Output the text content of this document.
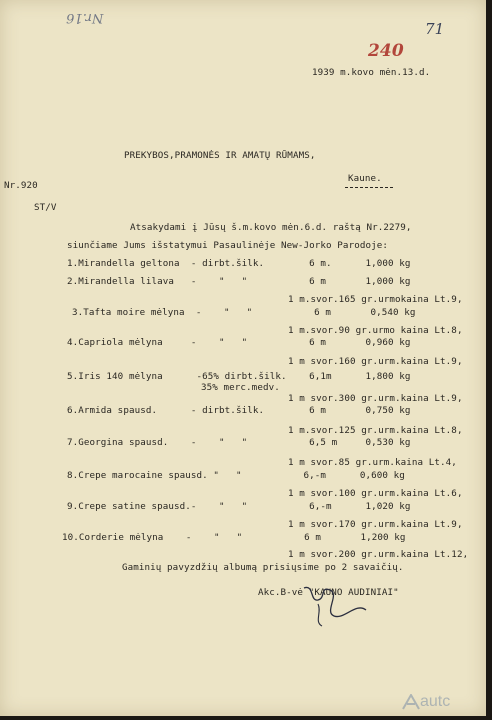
Nr.16
71
240
1939 m.kovo mėn.13.d.
PREKYBOS,PRAMONĖS IR AMATŲ RŪMAMS,
Kaune.
Nr.920
ST/V
Atsakydami į Jūsų š.m.kovo mėn.6.d. raštą Nr.2279,
siunčiame Jums išstatymui Pasaulinėje New-Jorko Parodoje:
1.Mirandella geltona  - dirbt.šilk.        6 m.      1,000 kg
2.Mirandella lilava   -    "   "           6 m       1,000 kg
1 m.svor.165 gr.urmokaina Lt.9,
3.Tafta moire mėlyna  -    "   "           6 m       0,540 kg
1 m.svor.90 gr.urmo kaina Lt.8,
4.Capriola mėlyna     -    "   "           6 m       0,960 kg
1 m svor.160 gr.urm.kaina Lt.9,
5.Iris 140 mėlyna      -65% dirbt.šilk.    6,1m      1,800 kg
35% merc.medv.
1 m svor.300 gr.urm.kaina Lt.9,
6.Armida spausd.      - dirbt.šilk.        6 m       0,750 kg
1 m.svor.125 gr.urm.kaina Lt.8,
7.Georgina spausd.    -    "   "           6,5 m     0,530 kg
1 m svor.85 gr.urm.kaina Lt.4,
8.Crepe marocaine spausd. "   "           6,-m      0,600 kg
1 m svor.100 gr.urm.kaina Lt.6,
9.Crepe satine spausd.-    "   "           6,-m      1,020 kg
1 m svor.170 gr.urm.kaina Lt.9,
10.Corderie mėlyna    -    "   "           6 m       1,200 kg
1 m svor.200 gr.urm.kaina Lt.12,
Gaminių pavyzdžių albumą prisiųsime po 2 savaičių.
Akc.B-vė "KAUNO AUDINIAI"
autc
